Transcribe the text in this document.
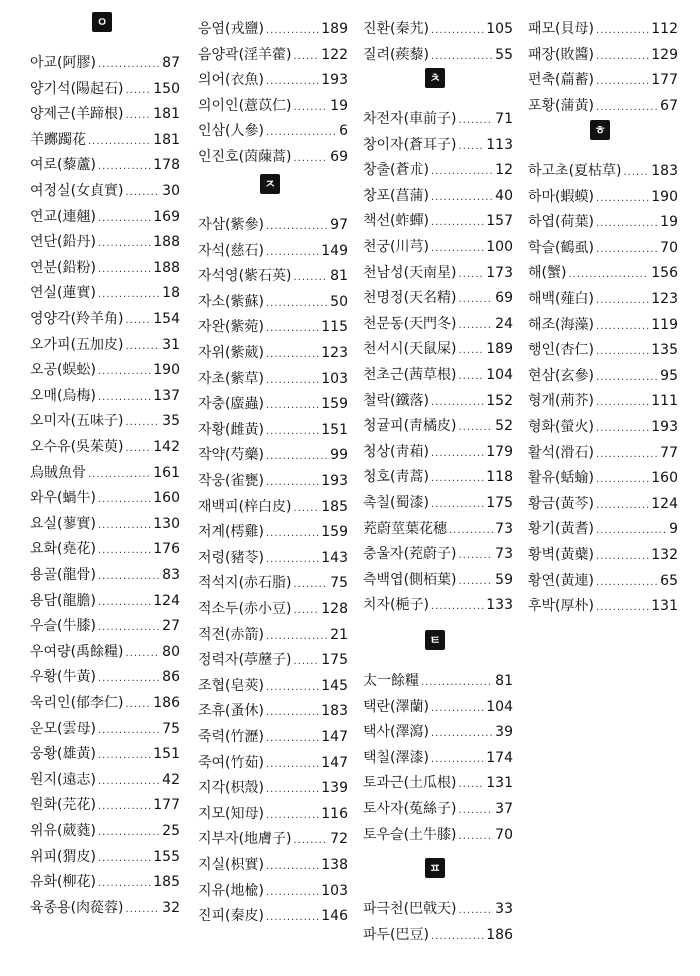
ㅇ
아교(阿膠) .....	87
양기석(陽起石) ..... 150
양제근(羊蹄根) ..... 181
羊躑躅花 .....	181
여로(藜蘆) .....	178
여정실(女貞實) .....	30
연교(連翹) .....	169
연단(鉛丹) .....	188
연분(鉛粉) .....	188
연실(蓮實) .....	18
영양각(羚羊角) ..... 154
오가피(五加皮) .....	31
오공(蜈蚣) .....	190
오매(烏梅) .....	137
오미자(五味子) .....	35
오수유(吳茱萸) ..... 142
烏賊魚骨 .....	161
와우(蝸牛) .....	160
요실(蓼實) .....	130
요화(堯花) .....	176
용골(龍骨) .....	83
용담(龍膽) .....	124
우슬(牛膝) .....	27
우여량(禹餘糧) .....	80
우황(牛黃) .....	86
욱리인(郁李仁) ..... 186
운모(雲母) .....	75
웅황(雄黃) .....	151
원지(遠志) .....	42
원화(芫花) .....	177
위유(葳蕤) .....	25
위피(猬皮) .....	155
유화(柳花) .....	185
육종용(肉蓯蓉) .....	32
응염(戎鹽) .....	189
음양곽(淫羊藿) ..... 122
의어(衣魚) .....	193
의이인(薏苡仁) .....	19
인삼(人參) .....	6
인진호(茵蔯蒿) .....	69
ㅈ
자삼(紫參) .....	97
자석(慈石) .....	149
자석영(紫石英) .....	81
자소(紫蘇) .....	50
자완(紫菀) .....	115
자위(紫葳) .....	123
자초(紫草) .....	103
자충(䗪蟲) .....	159
자황(雌黃) .....	151
작약(芍藥) .....	99
작웅(雀甕) .....	193
재백피(梓白皮) ..... 185
저계(樗雞) .....	159
저령(豬苓) .....	143
적석지(赤石脂) .....	75
적소두(赤小豆) ..... 128
적전(赤箭) .....	21
정력자(葶藶子) ..... 175
조협(皂莢) .....	145
조휴(蚤休) .....	183
죽력(竹瀝) .....	147
죽여(竹茹) .....	147
지각(枳殼) .....	139
지모(知母) .....	116
지부자(地膚子) .....	72
지실(枳實) .....	138
지유(地楡) .....	103
진피(秦皮) .....	146
진환(秦艽) .....	105
질려(蒺藜) .....	55
ㅊ
차전자(車前子) .....	71
창이자(蒼耳子) ..... 113
창출(蒼朮) .....	12
창포(菖蒲) .....	40
책선(蚱蟬) .....	157
천궁(川芎) .....	100
천남성(天南星) ..... 173
천명정(天名精) .....	69
천문동(天門冬) .....	24
천서시(天鼠屎) ..... 189
천초근(茜草根) ..... 104
철락(鐵落) .....	152
청귤피(靑橘皮) .....	52
청상(靑葙) .....	179
청호(靑蒿) .....	118
촉칠(蜀漆) .....	175
茺蔚莖葉花穗 .....	73
충울자(茺蔚子) .....	73
측백엽(側栢葉) .....	59
치자(梔子) .....	133
ㅌ
太一餘糧 .....	81
택란(澤蘭) .....	104
택사(澤瀉) .....	39
택칠(澤漆) .....	174
토과근(土瓜根) ..... 131
토사자(菟絲子) .....	37
토우슬(土牛膝) .....	70
ㅍ
파극천(巴戟天) .....	33
파두(巴豆) .....	186
패모(貝母) .....	112
패장(敗醬) .....	129
편축(萹蓄) .....	177
포황(蒲黃) .....	67
ㅎ
하고초(夏枯草) ..... 183
하마(蝦蟆) .....	190
하엽(荷葉) .....	19
학슬(鶴虱) .....	70
해(蟹) .....	156
해백(薤白) .....	123
해조(海藻) .....	119
행인(杏仁) .....	135
현삼(玄參) .....	95
형개(荊芥) .....	111
형화(螢火) .....	193
활석(滑石) .....	77
활유(蛞蝓) .....	160
황금(黃芩) .....	124
황기(黃耆) .....	9
황벽(黃蘗) .....	132
황연(黃連) .....	65
후박(厚朴) .....	131
